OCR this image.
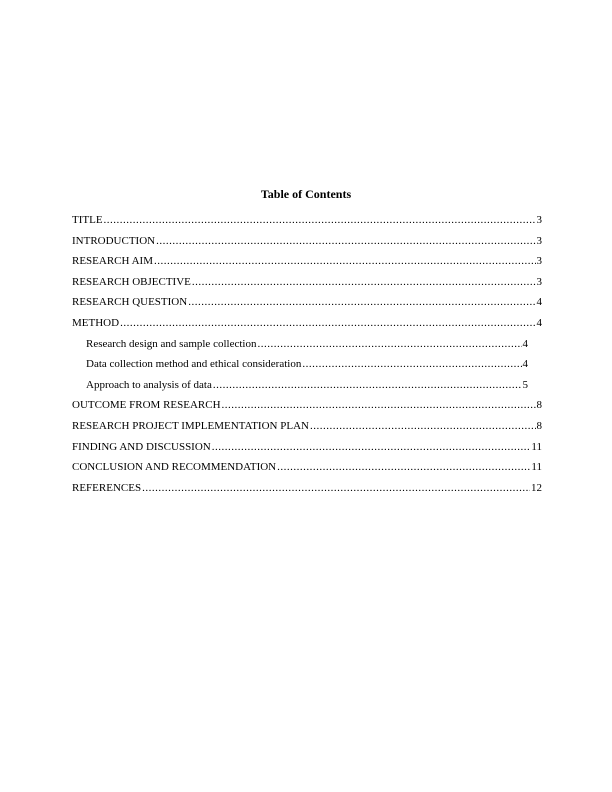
Table of Contents
TITLE .....	3
INTRODUCTION .....	3
RESEARCH AIM .....	3
RESEARCH OBJECTIVE .....	3
RESEARCH QUESTION .....	4
METHOD .....	4
Research design and sample collection .....	4
Data collection method and ethical consideration .....	4
Approach to analysis of data .....	5
OUTCOME FROM RESEARCH .....	8
RESEARCH PROJECT IMPLEMENTATION PLAN .....	8
FINDING AND DISCUSSION .....	11
CONCLUSION AND RECOMMENDATION .....	11
REFERENCES .....	12
